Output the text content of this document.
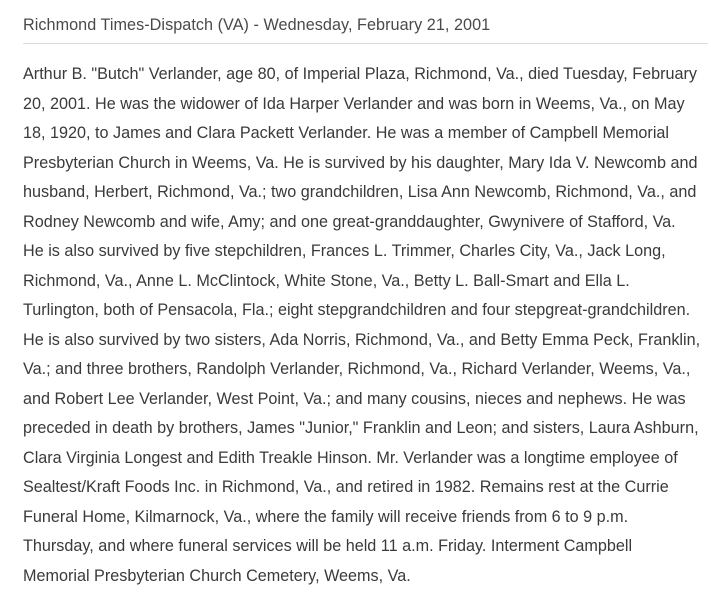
Richmond Times-Dispatch (VA) - Wednesday, February 21, 2001
Arthur B. "Butch" Verlander, age 80, of Imperial Plaza, Richmond, Va., died Tuesday, February
20, 2001. He was the widower of Ida Harper Verlander and was born in Weems, Va., on May
18, 1920, to James and Clara Packett Verlander. He was a member of Campbell Memorial
Presbyterian Church in Weems, Va. He is survived by his daughter, Mary Ida V. Newcomb and
husband, Herbert, Richmond, Va.; two grandchildren, Lisa Ann Newcomb, Richmond, Va., and
Rodney Newcomb and wife, Amy; and one great-granddaughter, Gwynivere of Stafford, Va.
He is also survived by five stepchildren, Frances L. Trimmer, Charles City, Va., Jack Long,
Richmond, Va., Anne L. McClintock, White Stone, Va., Betty L. Ball-Smart and Ella L.
Turlington, both of Pensacola, Fla.; eight stepgrandchildren and four stepgreat-grandchildren.
He is also survived by two sisters, Ada Norris, Richmond, Va., and Betty Emma Peck, Franklin,
Va.; and three brothers, Randolph Verlander, Richmond, Va., Richard Verlander, Weems, Va.,
and Robert Lee Verlander, West Point, Va.; and many cousins, nieces and nephews. He was
preceded in death by brothers, James "Junior," Franklin and Leon; and sisters, Laura Ashburn,
Clara Virginia Longest and Edith Treakle Hinson. Mr. Verlander was a longtime employee of
Sealtest/Kraft Foods Inc. in Richmond, Va., and retired in 1982. Remains rest at the Currie
Funeral Home, Kilmarnock, Va., where the family will receive friends from 6 to 9 p.m.
Thursday, and where funeral services will be held 11 a.m. Friday. Interment Campbell
Memorial Presbyterian Church Cemetery, Weems, Va.
